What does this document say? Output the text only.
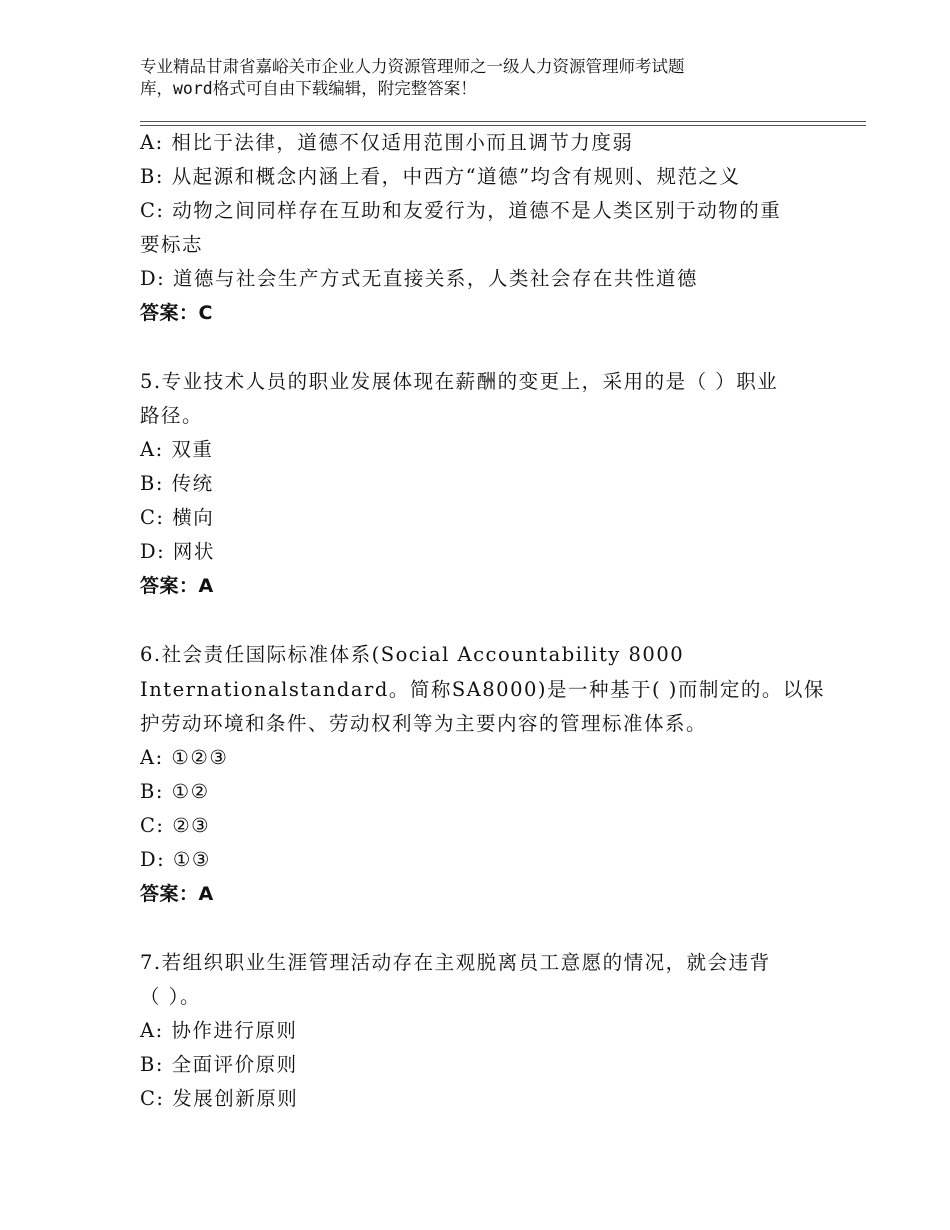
专业精品甘肃省嘉峪关市企业人力资源管理师之一级人力资源管理师考试题
库，word格式可自由下载编辑，附完整答案！
A: 相比于法律，道德不仅适用范围小而且调节力度弱
B: 从起源和概念内涵上看，中西方“道德”均含有规则、规范之义
C: 动物之间同样存在互助和友爱行为，道德不是人类区别于动物的重
要标志
D: 道德与社会生产方式无直接关系，人类社会存在共性道德
答案：C
5.专业技术人员的职业发展体现在薪酬的变更上，采用的是（ ）职业
路径。
A: 双重
B: 传统
C: 横向
D: 网状
答案：A
6.社会责任国际标准体系(Social Accountability 8000
Internationalstandard。简称SA8000)是一种基于( )而制定的。以保
护劳动环境和条件、劳动权利等为主要内容的管理标准体系。
A: ①②③
B: ①②
C: ②③
D: ①③
答案：A
7.若组织职业生涯管理活动存在主观脱离员工意愿的情况，就会违背
（ ）。
A: 协作进行原则
B: 全面评价原则
C: 发展创新原则
